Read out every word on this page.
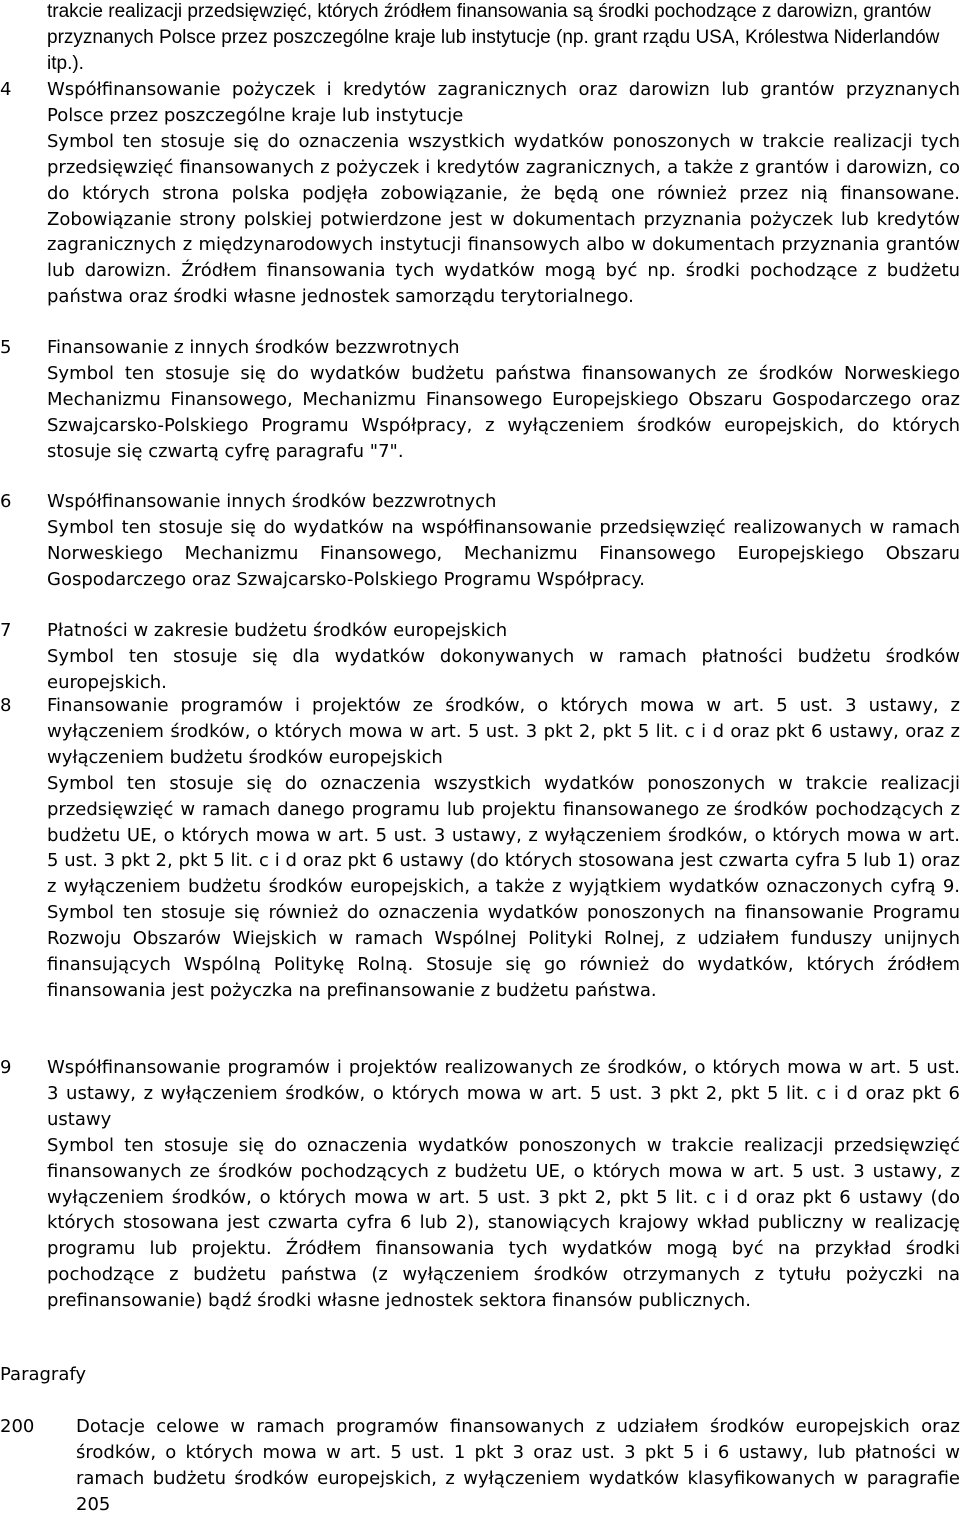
trakcie realizacji przedsięwzięć, których źródłem finansowania są środki pochodzące z darowizn, grantów przyznanych Polsce przez poszczególne kraje lub instytucje (np. grant rządu USA, Królestwa Niderlandów itp.).
4	Współfinansowanie pożyczek i kredytów zagranicznych oraz darowizn lub grantów przyznanych Polsce przez poszczególne kraje lub instytucje

Symbol ten stosuje się do oznaczenia wszystkich wydatków ponoszonych w trakcie realizacji tych przedsięwzięć finansowanych z pożyczek i kredytów zagranicznych, a także z grantów i darowizn, co do których strona polska podjęła zobowiązanie, że będą one również przez nią finansowane. Zobowiązanie strony polskiej potwierdzone jest w dokumentach przyznania pożyczek lub kredytów zagranicznych z międzynarodowych instytucji finansowych albo w dokumentach przyznania grantów lub darowizn. Źródłem finansowania tych wydatków mogą być np. środki pochodzące z budżetu państwa oraz środki własne jednostek samorządu terytorialnego.

5	Finansowanie z innych środków bezzwrotnych

Symbol ten stosuje się do wydatków budżetu państwa finansowanych ze środków Norweskiego Mechanizmu Finansowego, Mechanizmu Finansowego Europejskiego Obszaru Gospodarczego oraz Szwajcarsko-Polskiego Programu Współpracy, z wyłączeniem środków europejskich, do których stosuje się czwartą cyfrę paragrafu "7".

6	Współfinansowanie innych środków bezzwrotnych

Symbol ten stosuje się do wydatków na współfinansowanie przedsięwzięć realizowanych w ramach Norweskiego Mechanizmu Finansowego, Mechanizmu Finansowego Europejskiego Obszaru Gospodarczego oraz Szwajcarsko-Polskiego Programu Współpracy.

7	Płatności w zakresie budżetu środków europejskich

Symbol ten stosuje się dla wydatków dokonywanych w ramach płatności budżetu środków europejskich.

8	Finansowanie programów i projektów ze środków, o których mowa w art. 5 ust. 3 ustawy, z wyłączeniem środków, o których mowa w art. 5 ust. 3 pkt 2, pkt 5 lit. c i d oraz pkt 6 ustawy, oraz z wyłączeniem budżetu środków europejskich

Symbol ten stosuje się do oznaczenia wszystkich wydatków ponoszonych w trakcie realizacji przedsięwzięć w ramach danego programu lub projektu finansowanego ze środków pochodzących z budżetu UE, o których mowa w art. 5 ust. 3 ustawy, z wyłączeniem środków, o których mowa w art. 5 ust. 3 pkt 2, pkt 5 lit. c i d oraz pkt 6 ustawy (do których stosowana jest czwarta cyfra 5 lub 1) oraz z wyłączeniem budżetu środków europejskich, a także z wyjątkiem wydatków oznaczonych cyfrą 9. Symbol ten stosuje się również do oznaczenia wydatków ponoszonych na finansowanie Programu Rozwoju Obszarów Wiejskich w ramach Wspólnej Polityki Rolnej, z udziałem funduszy unijnych finansujących Wspólną Politykę Rolną. Stosuje się go również do wydatków, których źródłem finansowania jest pożyczka na prefinansowanie z budżetu państwa.

9	Współfinansowanie programów i projektów realizowanych ze środków, o których mowa w art. 5 ust. 3 ustawy, z wyłączeniem środków, o których mowa w art. 5 ust. 3 pkt 2, pkt 5 lit. c i d oraz pkt 6 ustawy

Symbol ten stosuje się do oznaczenia wydatków ponoszonych w trakcie realizacji przedsięwzięć finansowanych ze środków pochodzących z budżetu UE, o których mowa w art. 5 ust. 3 ustawy, z wyłączeniem środków, o których mowa w art. 5 ust. 3 pkt 2, pkt 5 lit. c i d oraz pkt 6 ustawy (do których stosowana jest czwarta cyfra 6 lub 2), stanowiących krajowy wkład publiczny w realizację programu lub projektu. Źródłem finansowania tych wydatków mogą być na przykład środki pochodzące z budżetu państwa (z wyłączeniem środków otrzymanych z tytułu pożyczki na prefinansowanie) bądź środki własne jednostek sektora finansów publicznych.

Paragrafy
200 Dotacje celowe w ramach programów finansowanych z udziałem środków europejskich oraz środków, o których mowa w art. 5 ust. 1 pkt 3 oraz ust. 3 pkt 5 i 6 ustawy, lub płatności w ramach budżetu środków europejskich, z wyłączeniem wydatków klasyfikowanych w paragrafie 205
